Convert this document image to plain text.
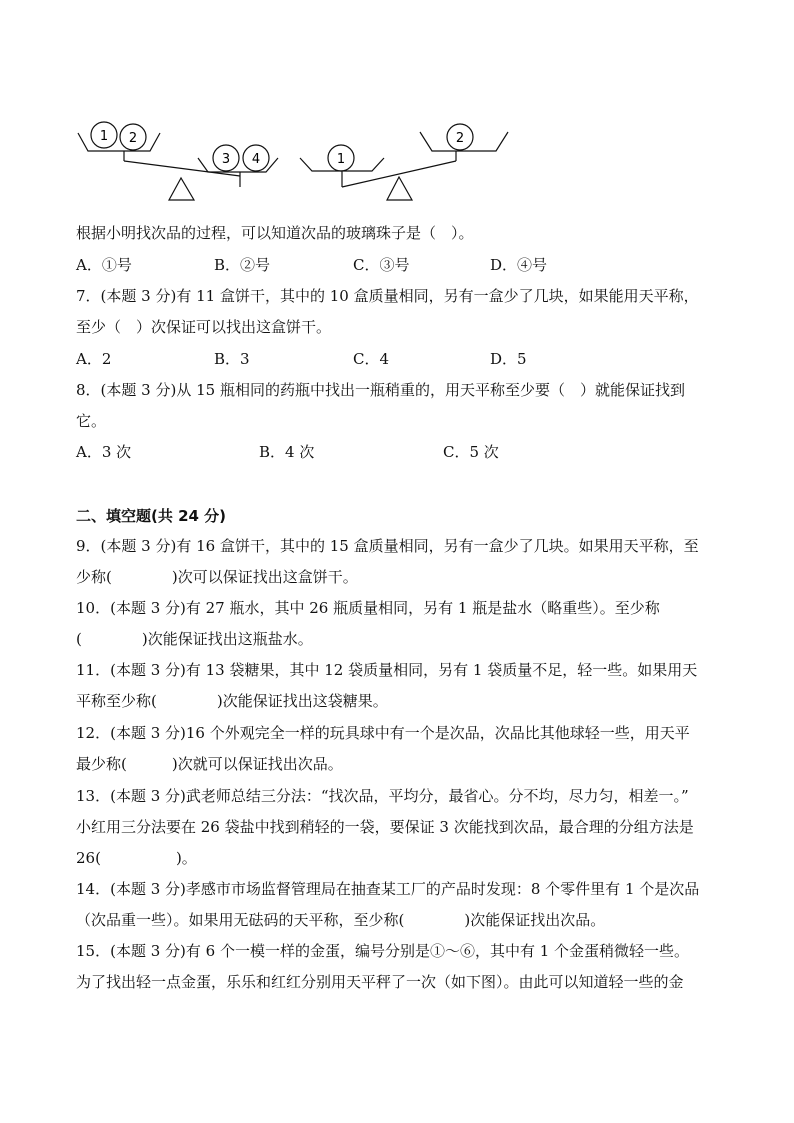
1 2
3 4	1
2
根据小明找次品的过程，可以知道次品的玻璃珠子是（　）。
A．①号	B．②号	C．③号	D．④号
7．(本题 3 分)有 11 盒饼干，其中的 10 盒质量相同，另有一盒少了几块，如果能用天平称，
至少（　）次保证可以找出这盒饼干。
A．2	B．3	C．4	D．5
8．(本题 3 分)从 15 瓶相同的药瓶中找出一瓶稍重的，用天平称至少要（　）就能保证找到
它。
A．3 次	B．4 次	C．5 次
二、填空题(共 24 分)
9．(本题 3 分)有 16 盒饼干，其中的 15 盒质量相同，另有一盒少了几块。如果用天平称，至
少称(　　　　)次可以保证找出这盒饼干。
10．(本题 3 分)有 27 瓶水，其中 26 瓶质量相同，另有 1 瓶是盐水（略重些）。至少称
(　　　　)次能保证找出这瓶盐水。
11．(本题 3 分)有 13 袋糖果，其中 12 袋质量相同，另有 1 袋质量不足，轻一些。如果用天
平称至少称(　　　　)次能保证找出这袋糖果。
12．(本题 3 分)16 个外观完全一样的玩具球中有一个是次品，次品比其他球轻一些，用天平
最少称(　　　)次就可以保证找出次品。
13．(本题 3 分)武老师总结三分法：“找次品，平均分，最省心。分不均，尽力匀，相差一。”
小红用三分法要在 26 袋盐中找到稍轻的一袋，要保证 3 次能找到次品，最合理的分组方法是
26(　　　　　)。
14．(本题 3 分)孝感市市场监督管理局在抽查某工厂的产品时发现：8 个零件里有 1 个是次品
（次品重一些）。如果用无砝码的天平称，至少称(　　　　)次能保证找出次品。
15．(本题 3 分)有 6 个一模一样的金蛋，编号分别是①～⑥，其中有 1 个金蛋稍微轻一些。
为了找出轻一点金蛋，乐乐和红红分别用天平秤了一次（如下图）。由此可以知道轻一些的金
